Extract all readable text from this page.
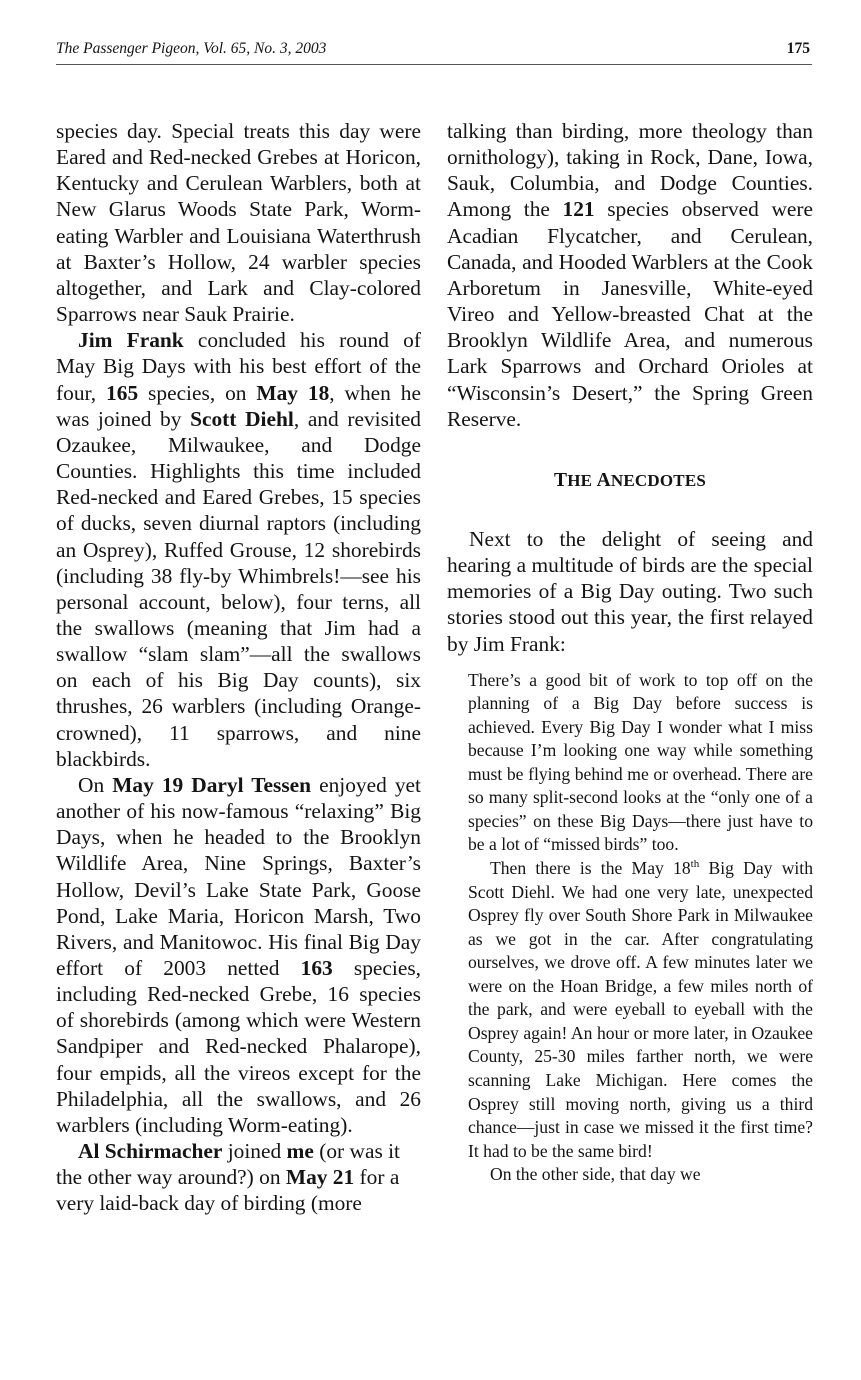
The Passenger Pigeon, Vol. 65, No. 3, 2003	175

species day. Special treats this day were Eared and Red-necked Grebes at Horicon, Kentucky and Cerulean Warblers, both at New Glarus Woods State Park, Worm-eating Warbler and Louisiana Waterthrush at Baxter’s Hollow, 24 warbler species altogether, and Lark and Clay-colored Sparrows near Sauk Prairie.

Jim Frank concluded his round of May Big Days with his best effort of the four, 165 species, on May 18, when he was joined by Scott Diehl, and revisited Ozaukee, Milwaukee, and Dodge Counties. Highlights this time included Red-necked and Eared Grebes, 15 species of ducks, seven diurnal raptors (including an Osprey), Ruffed Grouse, 12 shorebirds (including 38 fly-by Whimbrels!—see his personal account, below), four terns, all the swallows (meaning that Jim had a swallow “slam slam”—all the swallows on each of his Big Day counts), six thrushes, 26 warblers (including Orange-crowned), 11 sparrows, and nine blackbirds.

On May 19 Daryl Tessen enjoyed yet another of his now-famous “relaxing” Big Days, when he headed to the Brooklyn Wildlife Area, Nine Springs, Baxter’s Hollow, Devil’s Lake State Park, Goose Pond, Lake Maria, Horicon Marsh, Two Rivers, and Manitowoc. His final Big Day effort of 2003 netted 163 species, including Red-necked Grebe, 16 species of shorebirds (among which were Western Sandpiper and Red-necked Phalarope), four empids, all the vireos except for the Philadelphia, all the swallows, and 26 warblers (including Worm-eating).

Al Schirmacher joined me (or was it the other way around?) on May 21 for a very laid-back day of birding (more

talking than birding, more theology than ornithology), taking in Rock, Dane, Iowa, Sauk, Columbia, and Dodge Counties. Among the 121 species observed were Acadian Flycatcher, and Cerulean, Canada, and Hooded Warblers at the Cook Arboretum in Janesville, White-eyed Vireo and Yellow-breasted Chat at the Brooklyn Wildlife Area, and numerous Lark Sparrows and Orchard Orioles at “Wisconsin’s Desert,” the Spring Green Reserve.

THE ANECDOTES

Next to the delight of seeing and hearing a multitude of birds are the special memories of a Big Day outing. Two such stories stood out this year, the first relayed by Jim Frank:

There’s a good bit of work to top off on the planning of a Big Day before success is achieved. Every Big Day I wonder what I miss because I’m looking one way while something must be flying behind me or overhead. There are so many split-second looks at the “only one of a species” on these Big Days—there just have to be a lot of “missed birds” too.

Then there is the May 18th Big Day with Scott Diehl. We had one very late, unexpected Osprey fly over South Shore Park in Milwaukee as we got in the car. After congratulating ourselves, we drove off. A few minutes later we were on the Hoan Bridge, a few miles north of the park, and were eyeball to eyeball with the Osprey again! An hour or more later, in Ozaukee County, 25-30 miles farther north, we were scanning Lake Michigan. Here comes the Osprey still moving north, giving us a third chance—just in case we missed it the first time? It had to be the same bird!

On the other side, that day we
